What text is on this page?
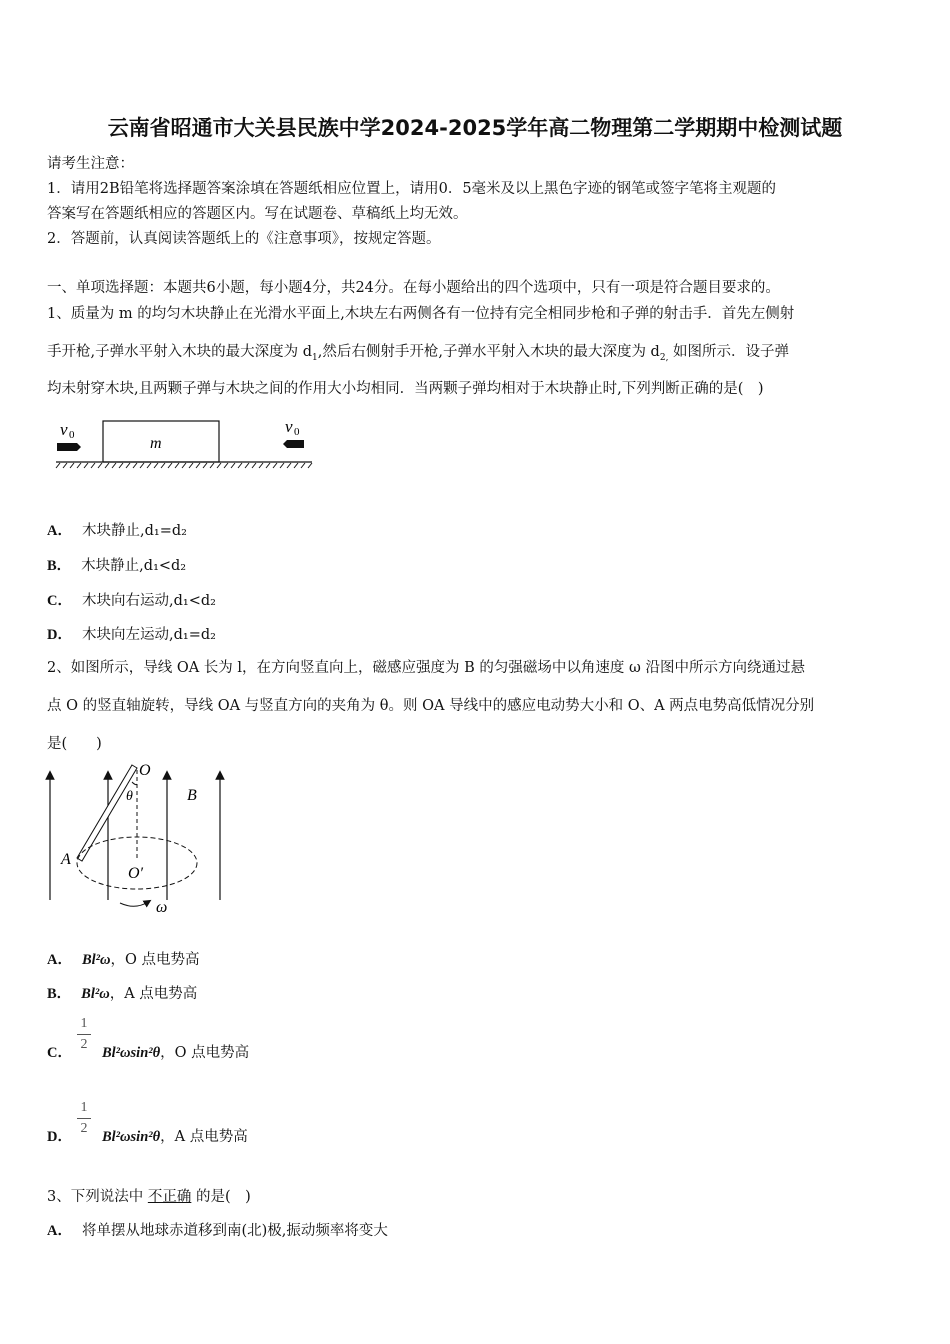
云南省昭通市大关县民族中学2024-2025学年高二物理第二学期期中检测试题
请考生注意：
1．请用2B铅笔将选择题答案涂填在答题纸相应位置上，请用0．5毫米及以上黑色字迹的钢笔或签字笔将主观题的
答案写在答题纸相应的答题区内。写在试题卷、草稿纸上均无效。
2．答题前，认真阅读答题纸上的《注意事项》，按规定答题。
一、单项选择题：本题共6小题，每小题4分，共24分。在每小题给出的四个选项中，只有一项是符合题目要求的。
1、质量为 m 的均匀木块静止在光滑水平面上,木块左右两侧各有一位持有完全相同步枪和子弹的射击手．首先左侧射
手开枪,子弹水平射入木块的最大深度为 $d_1$,然后右侧射手开枪,子弹水平射入木块的最大深度为 $d_{2,}$ 如图所示．设子弹
均未射穿木块,且两颗子弹与木块之间的作用大小均相同．当两颗子弹均相对于木块静止时,下列判断正确的是(　)
v 0	m
v 0
A． 木块静止,d₁=d₂
B． 木块静止,d₁<d₂
C． 木块向右运动,d₁<d₂
D． 木块向左运动,d₁=d₂
2、如图所示，导线 OA 长为 l，在方向竖直向上，磁感应强度为 B 的匀强磁场中以角速度 ω 沿图中所示方向绕通过悬
点 O 的竖直轴旋转，导线 OA 与竖直方向的夹角为 θ。则 OA 导线中的感应电动势大小和 O、A 两点电势高低情况分别
是(　　)
O
θ	B
A
O′
ω
A． Bl²ω，O 点电势高
B． Bl²ω，A 点电势高
1
2
C． Bl²ωsin²θ，O 点电势高
1
2
D． Bl²ωsin²θ，A 点电势高
3、下列说法中 不正确 的是(　)
A． 将单摆从地球赤道移到南(北)极,振动频率将变大
